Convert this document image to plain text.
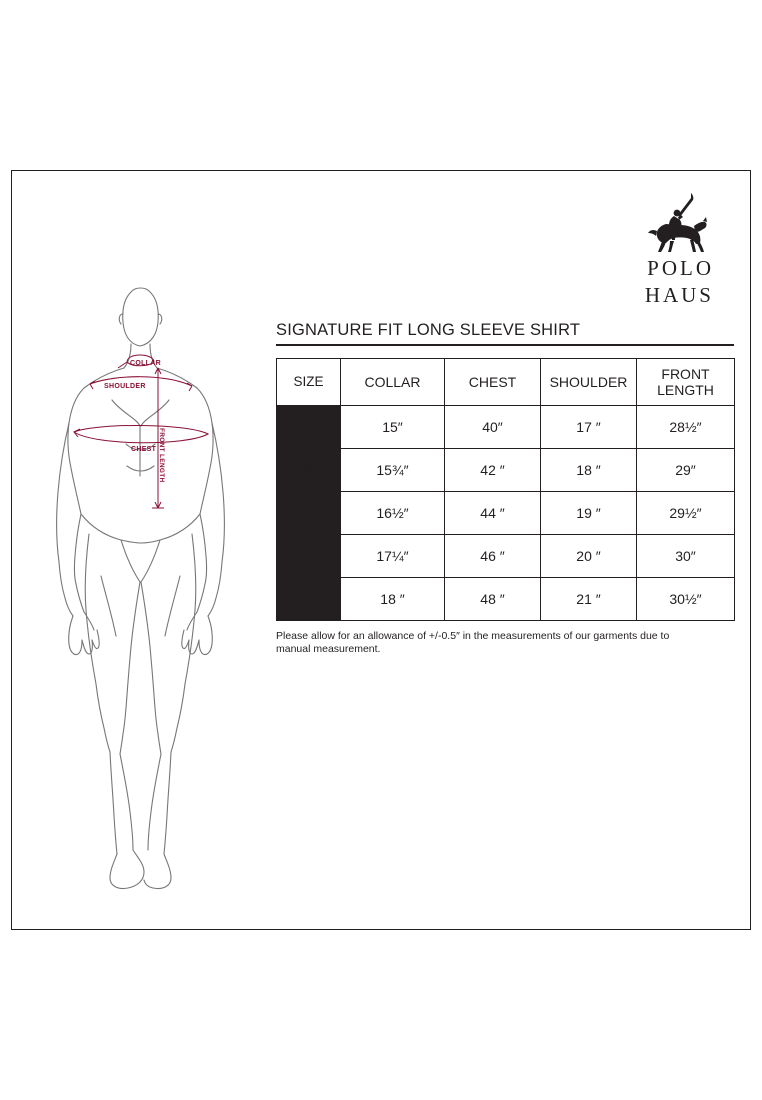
COLLAR
SHOULDER
CHEST FRONT LENGTH
POLO
HAUS
SIGNATURE FIT LONG SLEEVE SHIRT
SIZE	COLLAR	CHEST	SHOULDER	FRONT
LENGTH
S	15″	40″	17 ″	28½″
M	15¾″	42 ″	18 ″	29″
L	16½″	44 ″	19 ″	29½″
XL	17¼″	46 ″	20 ″	30″
2XL	18 ″	48 ″	21 ″	30½″
Please allow for an allowance of +/-0.5″ in the measurements of our garments due to manual measurement.
